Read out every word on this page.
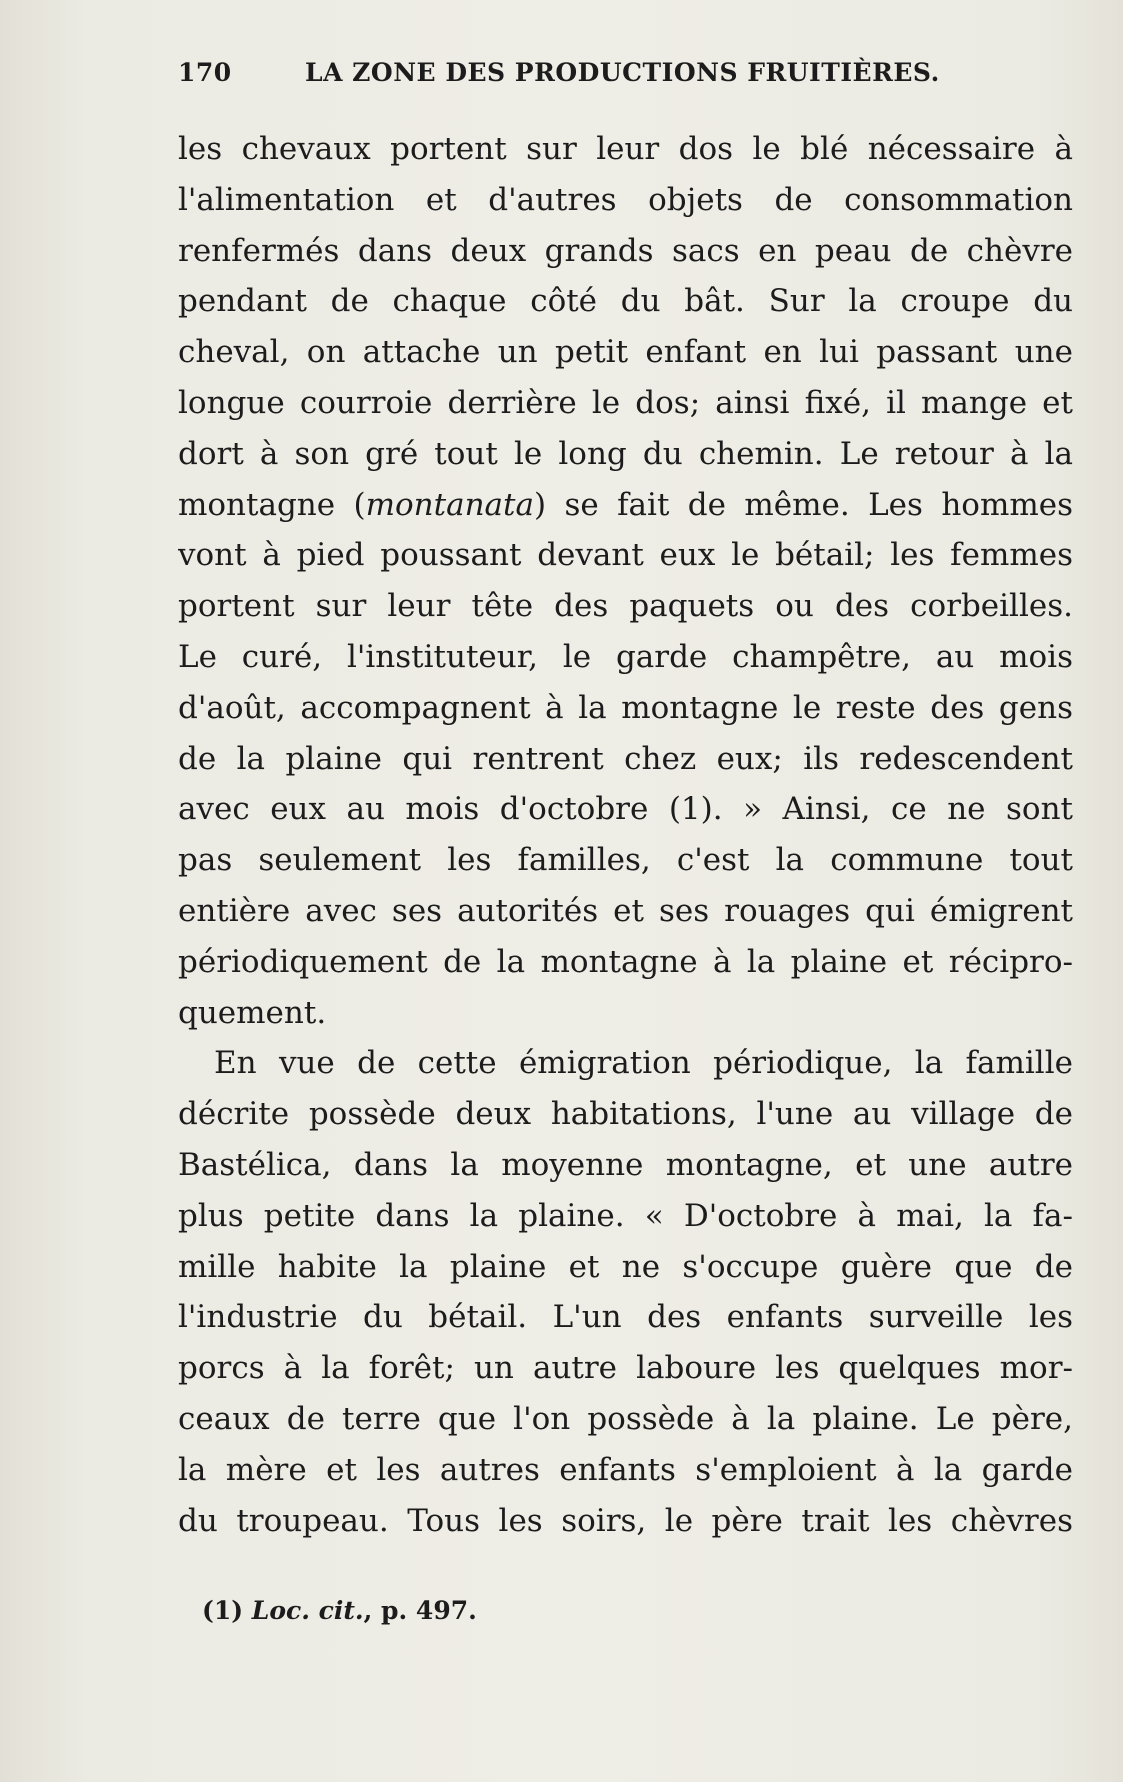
170	LA ZONE DES PRODUCTIONS FRUITIÈRES.
les chevaux portent sur leur dos le blé nécessaire à
l'alimentation et d'autres objets de consommation
renfermés dans deux grands sacs en peau de chèvre
pendant de chaque côté du bât. Sur la croupe du
cheval, on attache un petit enfant en lui passant une
longue courroie derrière le dos; ainsi fixé, il mange et
dort à son gré tout le long du chemin. Le retour à la
montagne (montanata) se fait de même. Les hommes
vont à pied poussant devant eux le bétail; les femmes
portent sur leur tête des paquets ou des corbeilles.
Le curé, l'instituteur, le garde champêtre, au mois
d'août, accompagnent à la montagne le reste des gens
de la plaine qui rentrent chez eux; ils redescendent
avec eux au mois d'octobre (1). » Ainsi, ce ne sont
pas seulement les familles, c'est la commune tout
entière avec ses autorités et ses rouages qui émigrent
périodiquement de la montagne à la plaine et récipro-
quement.
En vue de cette émigration périodique, la famille
décrite possède deux habitations, l'une au village de
Bastélica, dans la moyenne montagne, et une autre
plus petite dans la plaine. « D'octobre à mai, la fa-
mille habite la plaine et ne s'occupe guère que de
l'industrie du bétail. L'un des enfants surveille les
porcs à la forêt; un autre laboure les quelques mor-
ceaux de terre que l'on possède à la plaine. Le père,
la mère et les autres enfants s'emploient à la garde
du troupeau. Tous les soirs, le père trait les chèvres
(1) Loc. cit., p. 497.
